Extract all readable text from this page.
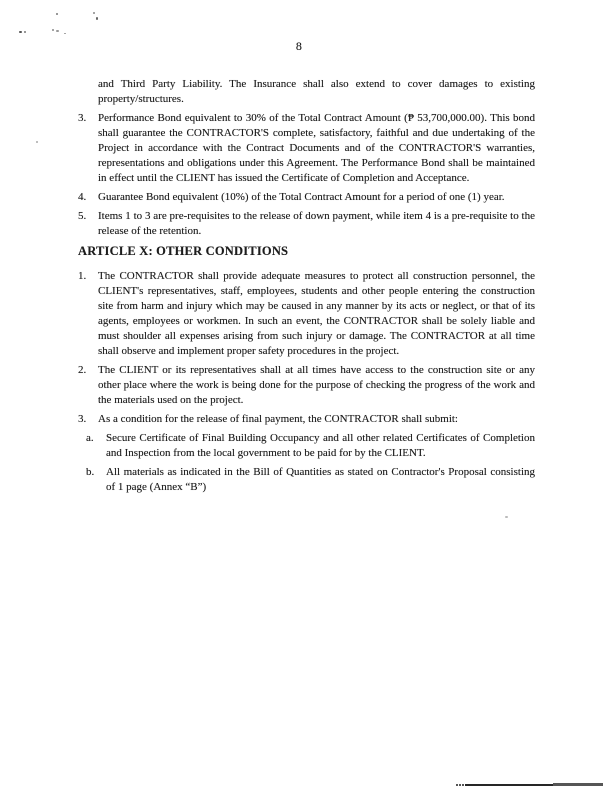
8

and Third Party Liability. The Insurance shall also extend to cover damages to existing property/structures.

3.	Performance Bond equivalent to 30% of the Total Contract Amount (₱ 53,700,000.00). This bond shall guarantee the CONTRACTOR'S complete, satisfactory, faithful and due undertaking of the Project in accordance with the Contract Documents and of the CONTRACTOR'S warranties, representations and obligations under this Agreement. The Performance Bond shall be maintained in effect until the CLIENT has issued the Certificate of Completion and Acceptance.
4.	Guarantee Bond equivalent (10%) of the Total Contract Amount for a period of one (1) year.
5.	Items 1 to 3 are pre-requisites to the release of down payment, while item 4 is a pre-requisite to the release of the retention.
ARTICLE X: OTHER CONDITIONS
1.	The CONTRACTOR shall provide adequate measures to protect all construction personnel, the CLIENT's representatives, staff, employees, students and other people entering the construction site from harm and injury which may be caused in any manner by its acts or neglect, or that of its agents, employees or workmen. In such an event, the CONTRACTOR shall be solely liable and must shoulder all expenses arising from such injury or damage. The CONTRACTOR at all time shall observe and implement proper safety procedures in the project.
2.	The CLIENT or its representatives shall at all times have access to the construction site or any other place where the work is being done for the purpose of checking the progress of the work and the materials used on the project.
3.	As a condition for the release of final payment, the CONTRACTOR shall submit:
a.	Secure Certificate of Final Building Occupancy and all other related Certificates of Completion and Inspection from the local government to be paid for by the CLIENT.
b.	All materials as indicated in the Bill of Quantities as stated on Contractor's Proposal consisting of 1 page (Annex “B”)
